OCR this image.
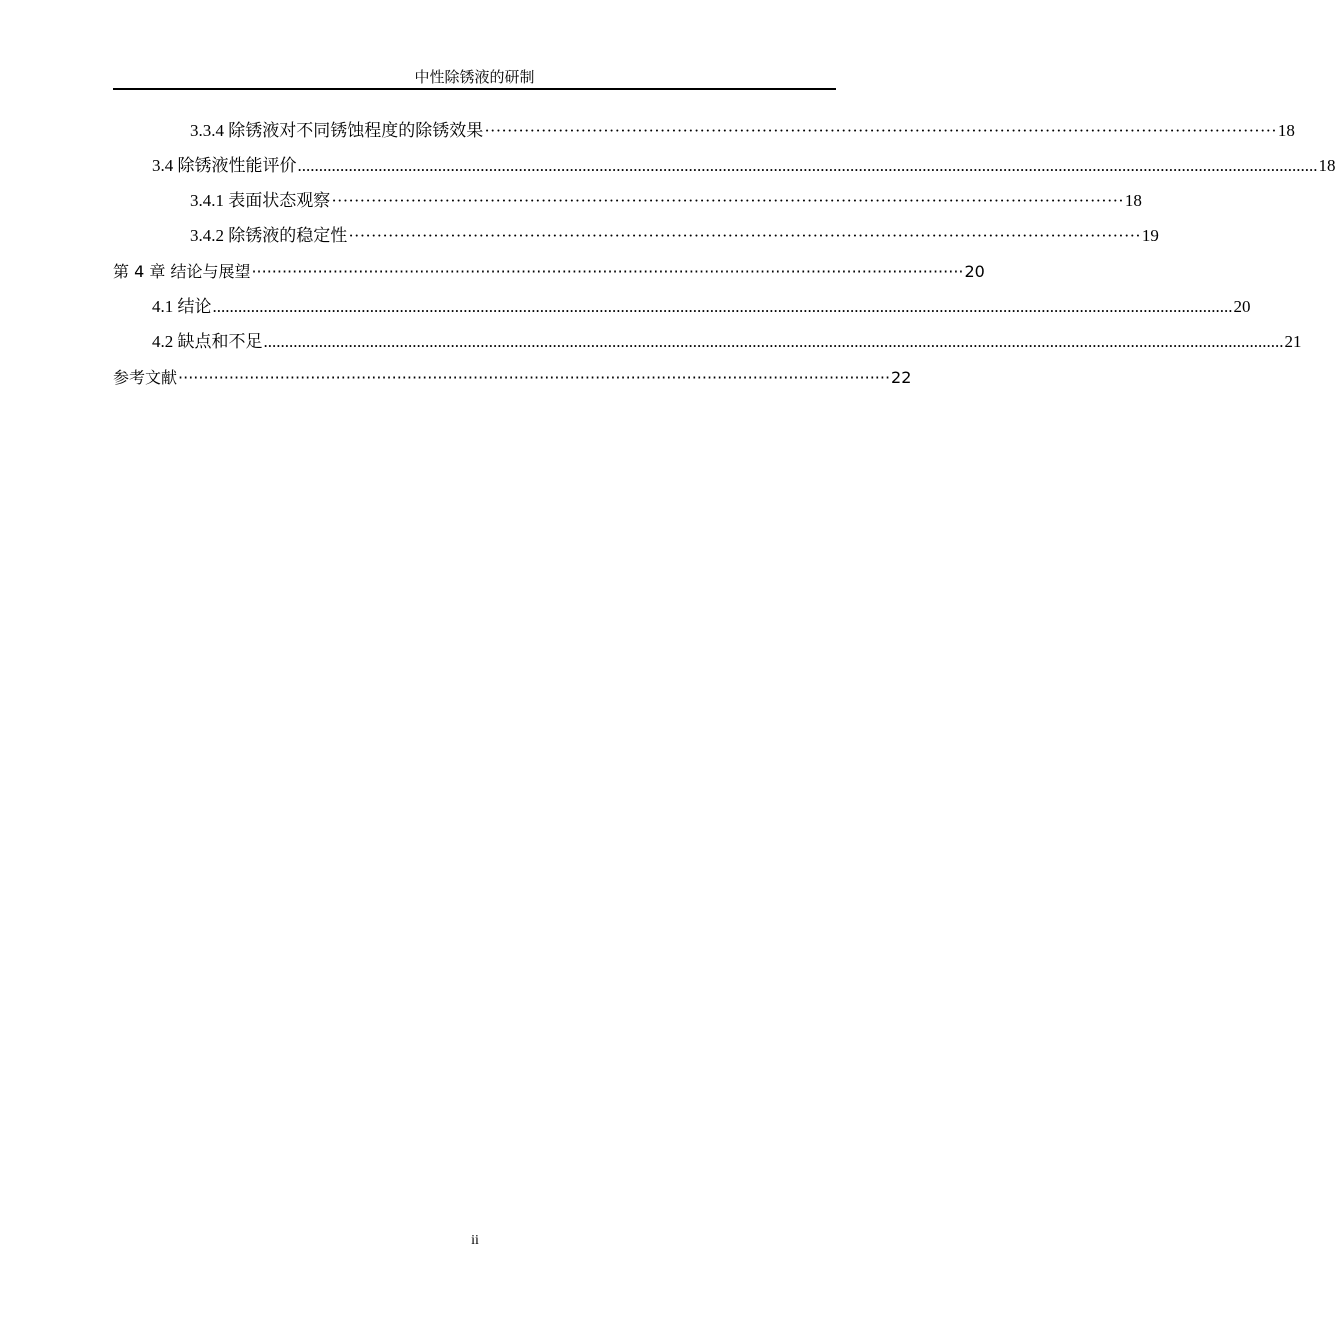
中性除锈液的研制
3.3.4 除锈液对不同锈蚀程度的除锈效果 ············································································································································ 18
3.4 除锈液性能评价 ................................................................................................................................................................................................................................................ 18
3.4.1 表面状态观察 ············································································································································ 18
3.4.2 除锈液的稳定性 ············································································································································ 19
第 4 章 结论与展望 ············································································································································ 20
4.1 结论 ................................................................................................................................................................................................................................................ 20
4.2 缺点和不足 ................................................................................................................................................................................................................................................ 21
参考文献 ············································································································································ 22
ii
